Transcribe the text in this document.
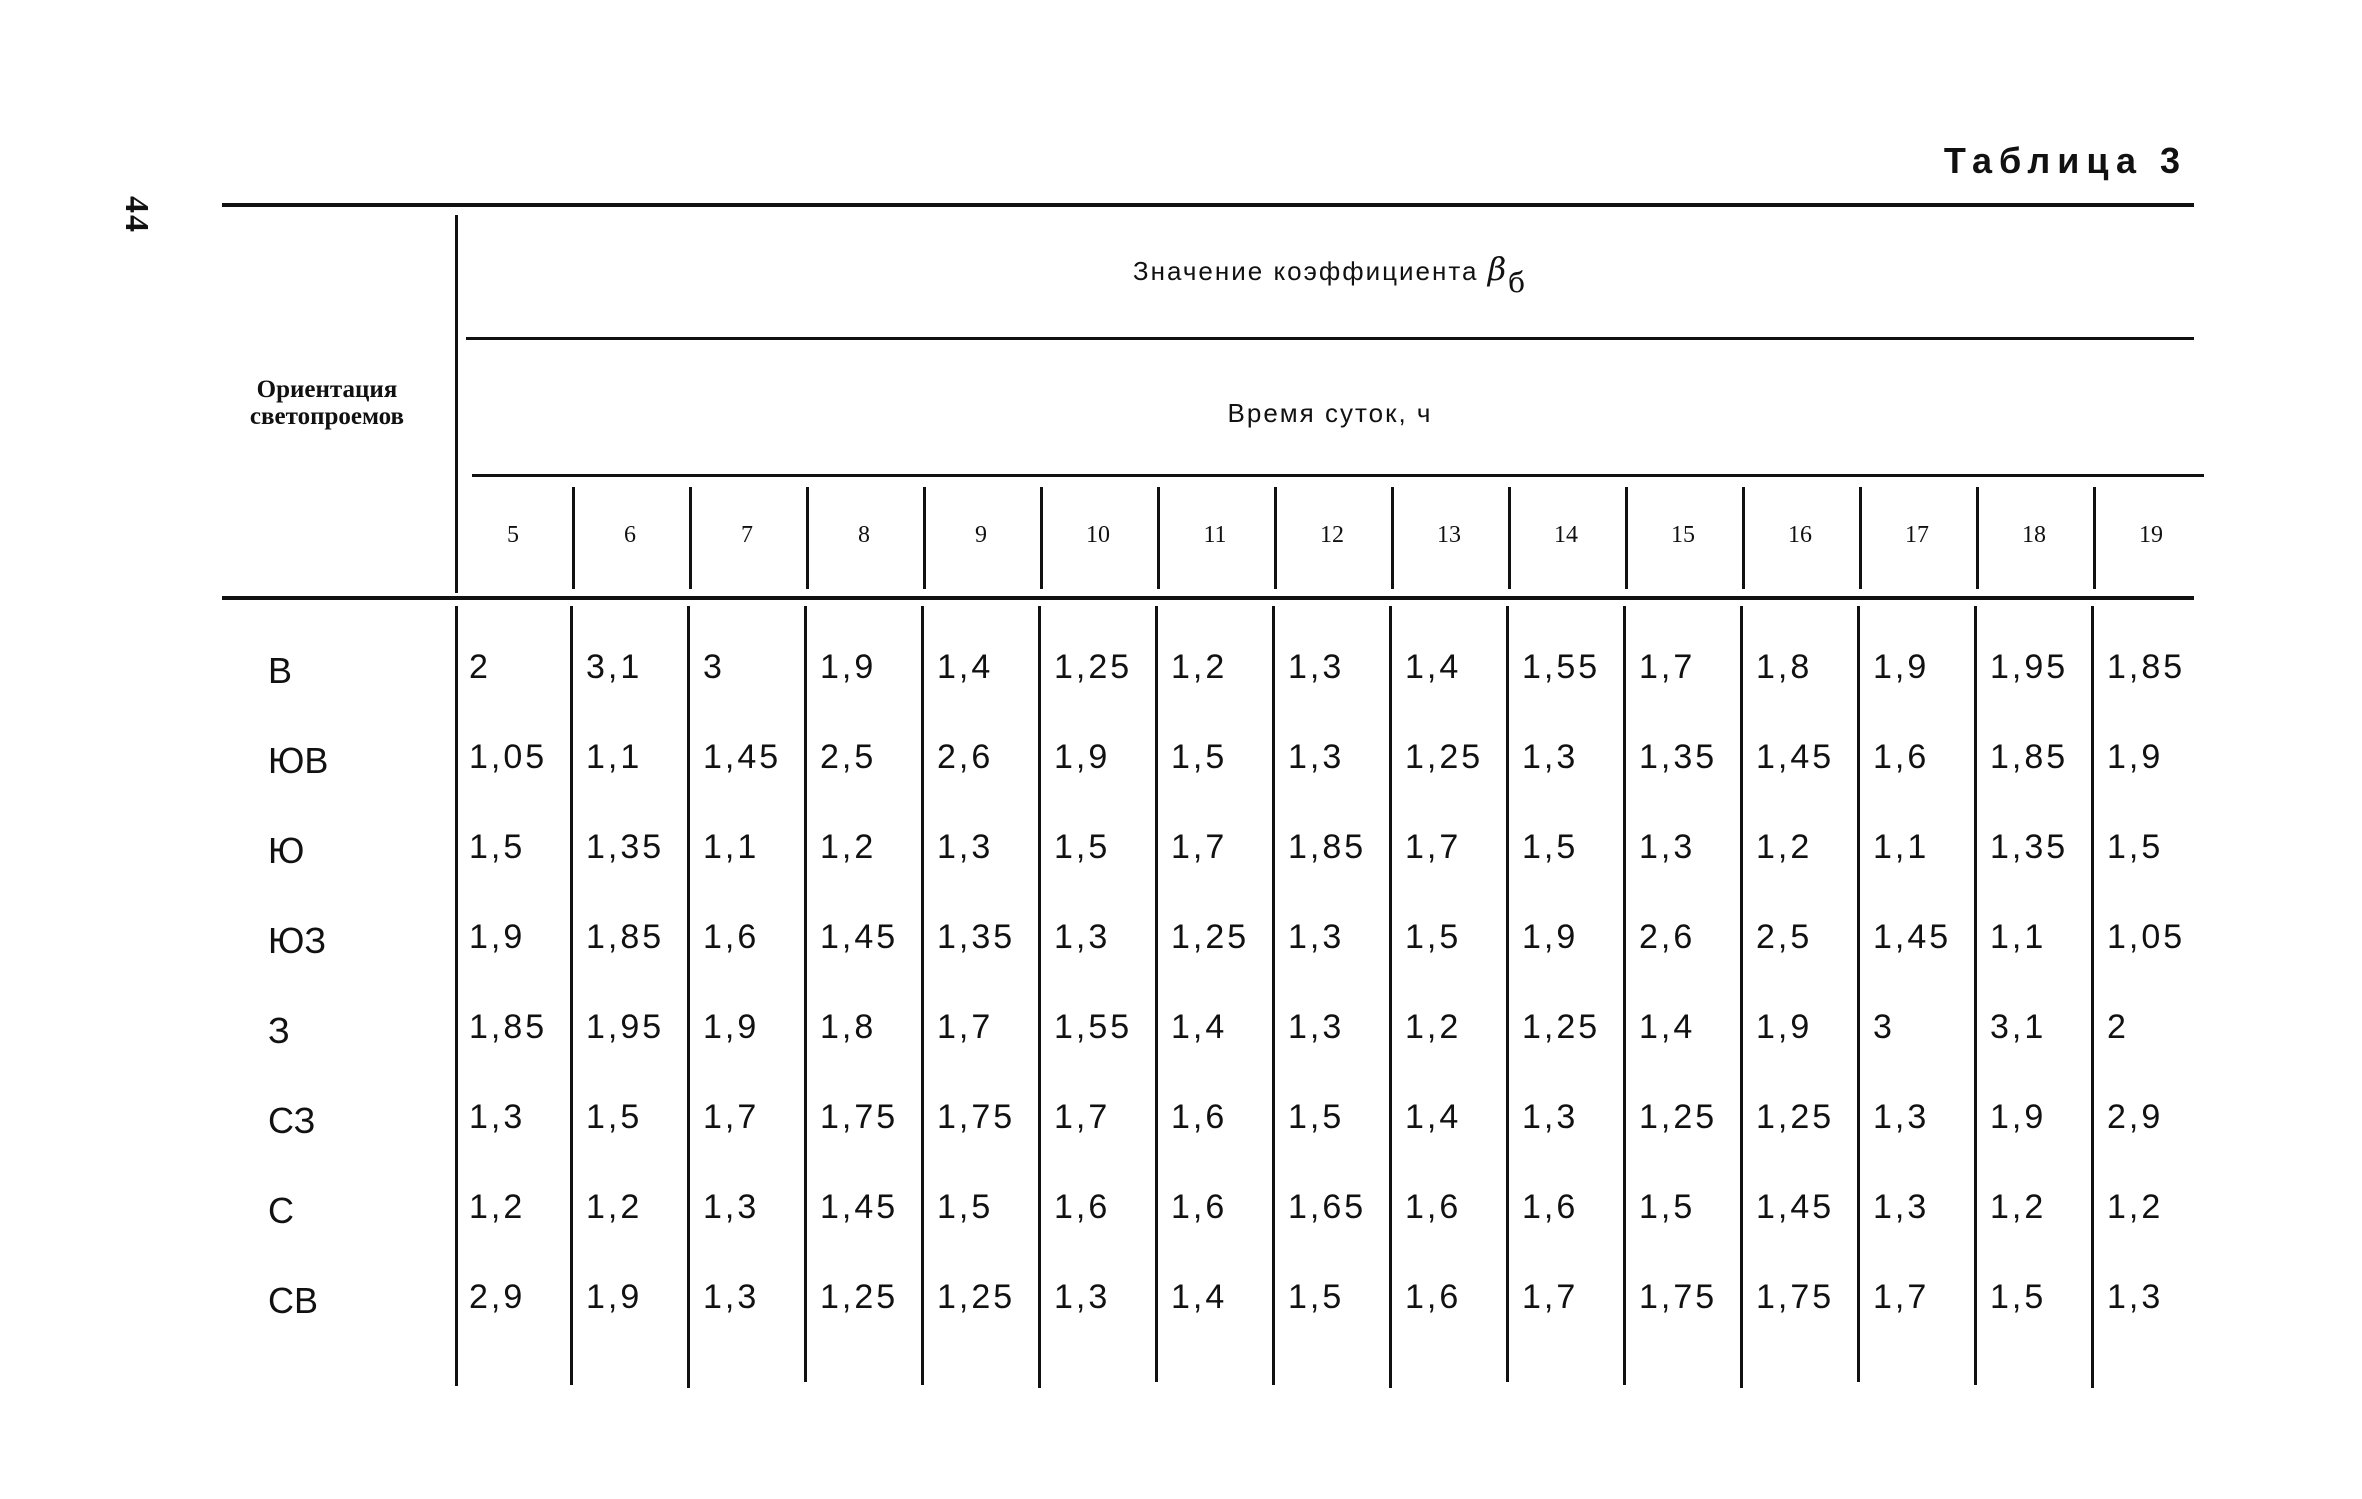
44
Таблица 3
Ориентация
светопроемов
Значение коэффициента $\beta_б$
Время суток, ч
5	6	7	8	9	10	11	12	13	14	15	16	17	18	19
В	2	3,1	3	1,9	1,4	1,25	1,2	1,3	1,4	1,55	1,7	1,8	1,9	1,95	1,85
ЮВ	1,05	1,1	1,45	2,5	2,6	1,9	1,5	1,3	1,25	1,3	1,35	1,45	1,6	1,85	1,9
Ю	1,5	1,35	1,1	1,2	1,3	1,5	1,7	1,85	1,7	1,5	1,3	1,2	1,1	1,35	1,5
ЮЗ	1,9	1,85	1,6	1,45	1,35	1,3	1,25	1,3	1,5	1,9	2,6	2,5	1,45	1,1	1,05
З	1,85	1,95	1,9	1,8	1,7	1,55	1,4	1,3	1,2	1,25	1,4	1,9	3	3,1	2
СЗ	1,3	1,5	1,7	1,75	1,75	1,7	1,6	1,5	1,4	1,3	1,25	1,25	1,3	1,9	2,9
С	1,2	1,2	1,3	1,45	1,5	1,6	1,6	1,65	1,6	1,6	1,5	1,45	1,3	1,2	1,2
СВ	2,9	1,9	1,3	1,25	1,25	1,3	1,4	1,5	1,6	1,7	1,75	1,75	1,7	1,5	1,3
